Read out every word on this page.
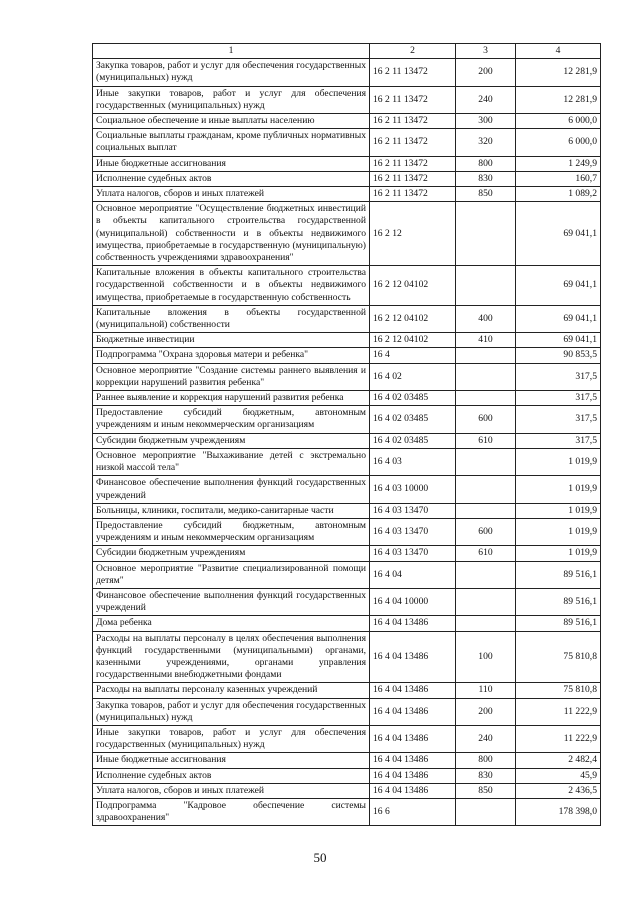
1	2	3	4
Закупка товаров, работ и услуг для обеспечения государственных (муниципальных) нужд	16 2 11 13472	200	12 281,9
Иные закупки товаров, работ и услуг для обеспечения государственных (муниципальных) нужд	16 2 11 13472	240	12 281,9
Социальное обеспечение и иные выплаты населению	16 2 11 13472	300	6 000,0
Социальные выплаты гражданам, кроме публичных нормативных социальных выплат	16 2 11 13472	320	6 000,0
Иные бюджетные ассигнования	16 2 11 13472	800	1 249,9
Исполнение судебных актов	16 2 11 13472	830	160,7
Уплата налогов, сборов и иных платежей	16 2 11 13472	850	1 089,2
Основное мероприятие "Осуществление бюджетных инвестиций в объекты капитального строительства государственной (муниципальной) собственности и в объекты недвижимого имущества, приобретаемые в государственную (муниципальную) собственность учреждениями здравоохранения"	16 2 12		69 041,1
Капитальные вложения в объекты капитального строительства государственной собственности и в объекты недвижимого имущества, приобретаемые в государственную собственность	16 2 12 04102		69 041,1
Капитальные вложения в объекты государственной (муниципальной) собственности	16 2 12 04102	400	69 041,1
Бюджетные инвестиции	16 2 12 04102	410	69 041,1
Подпрограмма "Охрана здоровья матери и ребенка"	16 4		90 853,5
Основное мероприятие "Создание системы раннего выявления и коррекции нарушений развития ребенка"	16 4 02		317,5
Раннее выявление и коррекция нарушений развития ребенка	16 4 02 03485		317,5
Предоставление субсидий бюджетным, автономным учреждениям и иным некоммерческим организациям	16 4 02 03485	600	317,5
Субсидии бюджетным учреждениям	16 4 02 03485	610	317,5
Основное мероприятие "Выхаживание детей с экстремально низкой массой тела"	16 4 03		1 019,9
Финансовое обеспечение выполнения функций государственных учреждений	16 4 03 10000		1 019,9
Больницы, клиники, госпитали, медико-санитарные части	16 4 03 13470		1 019,9
Предоставление субсидий бюджетным, автономным учреждениям и иным некоммерческим организациям	16 4 03 13470	600	1 019,9
Субсидии бюджетным учреждениям	16 4 03 13470	610	1 019,9
Основное мероприятие "Развитие специализированной помощи детям"	16 4 04		89 516,1
Финансовое обеспечение выполнения функций государственных учреждений	16 4 04 10000		89 516,1
Дома ребенка	16 4 04 13486		89 516,1
Расходы на выплаты персоналу в целях обеспечения выполнения функций государственными (муниципальными) органами, казенными учреждениями, органами управления государственными внебюджетными фондами	16 4 04 13486	100	75 810,8
Расходы на выплаты персоналу казенных учреждений	16 4 04 13486	110	75 810,8
Закупка товаров, работ и услуг для обеспечения государственных (муниципальных) нужд	16 4 04 13486	200	11 222,9
Иные закупки товаров, работ и услуг для обеспечения государственных (муниципальных) нужд	16 4 04 13486	240	11 222,9
Иные бюджетные ассигнования	16 4 04 13486	800	2 482,4
Исполнение судебных актов	16 4 04 13486	830	45,9
Уплата налогов, сборов и иных платежей	16 4 04 13486	850	2 436,5
Подпрограмма "Кадровое обеспечение системы здравоохранения"	16 6		178 398,0
50
